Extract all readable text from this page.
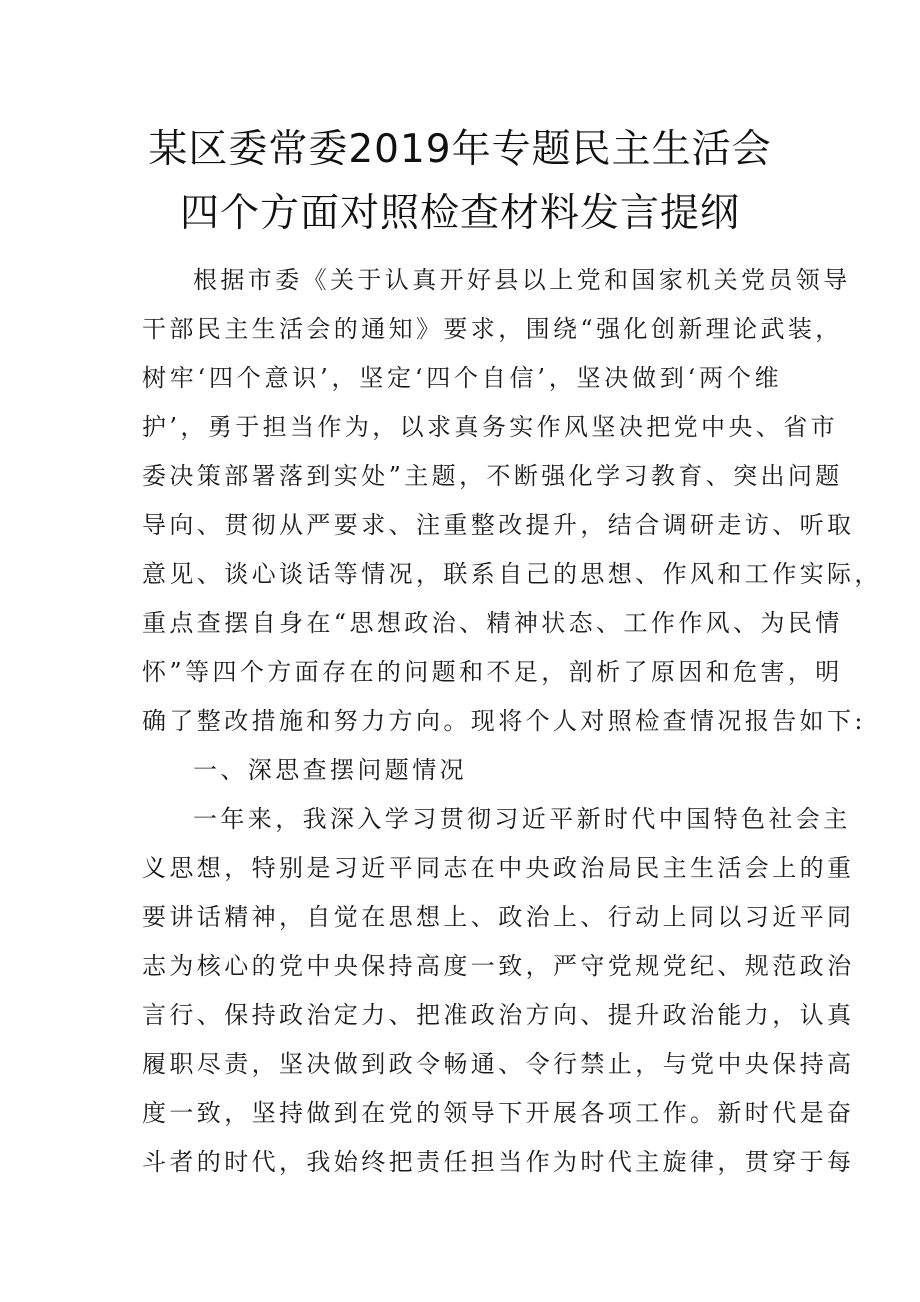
某区委常委2019年专题民主生活会
四个方面对照检查材料发言提纲
根据市委《关于认真开好县以上党和国家机关党员领导
干部民主生活会的通知》要求，围绕“强化创新理论武装，
树牢‘四个意识’，坚定‘四个自信’，坚决做到‘两个维
护’，勇于担当作为，以求真务实作风坚决把党中央、省市
委决策部署落到实处”主题，不断强化学习教育、突出问题
导向、贯彻从严要求、注重整改提升，结合调研走访、听取
意见、谈心谈话等情况，联系自己的思想、作风和工作实际，
重点查摆自身在“思想政治、精神状态、工作作风、为民情
怀”等四个方面存在的问题和不足，剖析了原因和危害，明
确了整改措施和努力方向。现将个人对照检查情况报告如下:
一、深思查摆问题情况
一年来，我深入学习贯彻习近平新时代中国特色社会主
义思想，特别是习近平同志在中央政治局民主生活会上的重
要讲话精神，自觉在思想上、政治上、行动上同以习近平同
志为核心的党中央保持高度一致，严守党规党纪、规范政治
言行、保持政治定力、把准政治方向、提升政治能力，认真
履职尽责，坚决做到政令畅通、令行禁止，与党中央保持高
度一致，坚持做到在党的领导下开展各项工作。新时代是奋
斗者的时代，我始终把责任担当作为时代主旋律，贯穿于每
